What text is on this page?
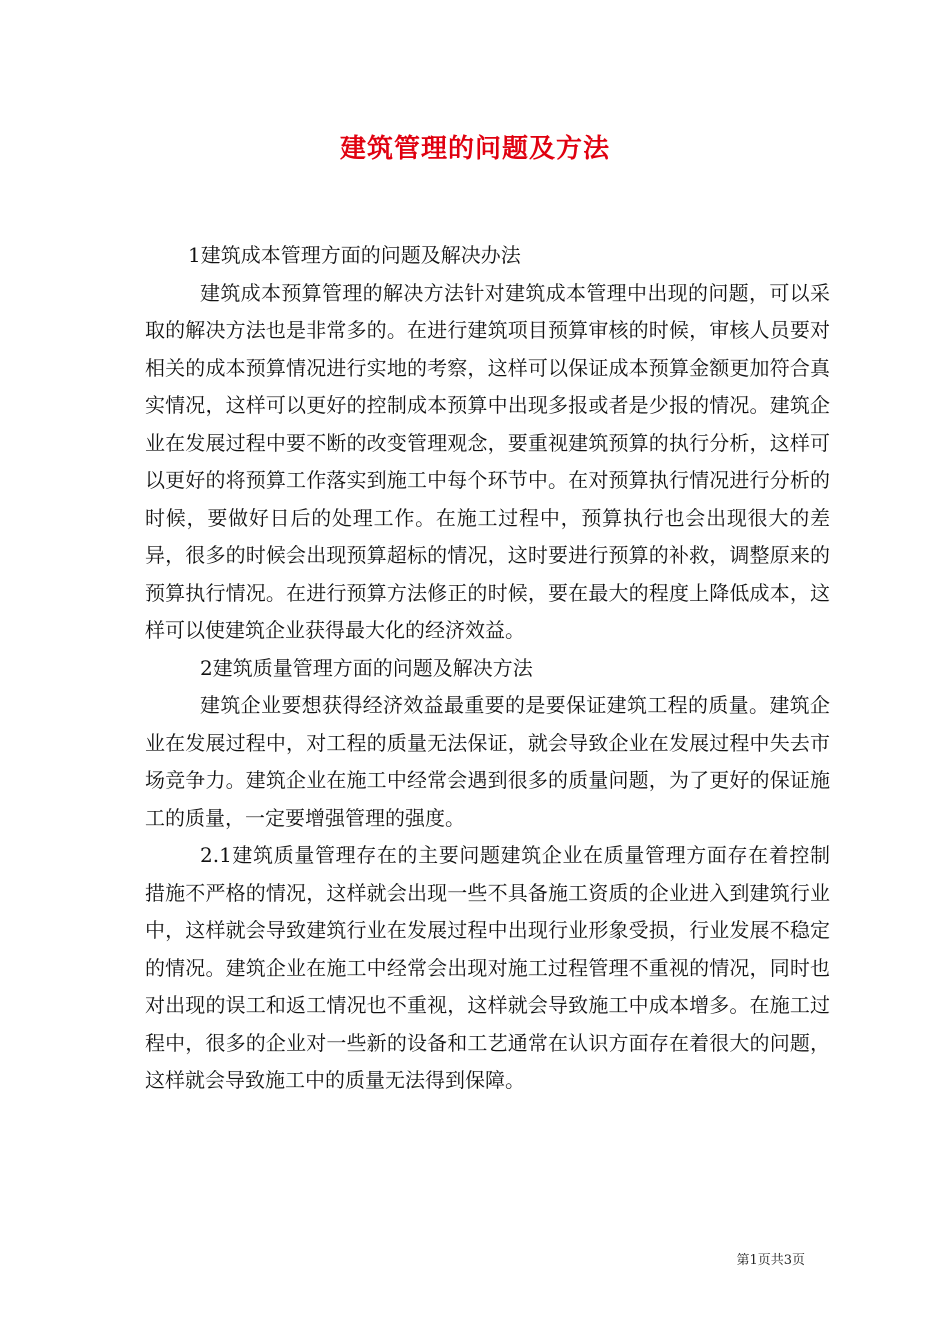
建筑管理的问题及方法

1建筑成本管理方面的问题及解决办法

建筑成本预算管理的解决方法针对建筑成本管理中出现的问题，可以采取的解决方法也是非常多的。在进行建筑项目预算审核的时候，审核人员要对相关的成本预算情况进行实地的考察，这样可以保证成本预算金额更加符合真实情况，这样可以更好的控制成本预算中出现多报或者是少报的情况。建筑企业在发展过程中要不断的改变管理观念，要重视建筑预算的执行分析，这样可以更好的将预算工作落实到施工中每个环节中。在对预算执行情况进行分析的时候，要做好日后的处理工作。在施工过程中，预算执行也会出现很大的差异，很多的时候会出现预算超标的情况，这时要进行预算的补救，调整原来的预算执行情况。在进行预算方法修正的时候，要在最大的程度上降低成本，这样可以使建筑企业获得最大化的经济效益。

2建筑质量管理方面的问题及解决方法

建筑企业要想获得经济效益最重要的是要保证建筑工程的质量。建筑企业在发展过程中，对工程的质量无法保证，就会导致企业在发展过程中失去市场竞争力。建筑企业在施工中经常会遇到很多的质量问题，为了更好的保证施工的质量，一定要增强管理的强度。

2.1建筑质量管理存在的主要问题建筑企业在质量管理方面存在着控制措施不严格的情况，这样就会出现一些不具备施工资质的企业进入到建筑行业中，这样就会导致建筑行业在发展过程中出现行业形象受损，行业发展不稳定的情况。建筑企业在施工中经常会出现对施工过程管理不重视的情况，同时也对出现的误工和返工情况也不重视，这样就会导致施工中成本增多。在施工过程中，很多的企业对一些新的设备和工艺通常在认识方面存在着很大的问题，这样就会导致施工中的质量无法得到保障。

第1页共3页
